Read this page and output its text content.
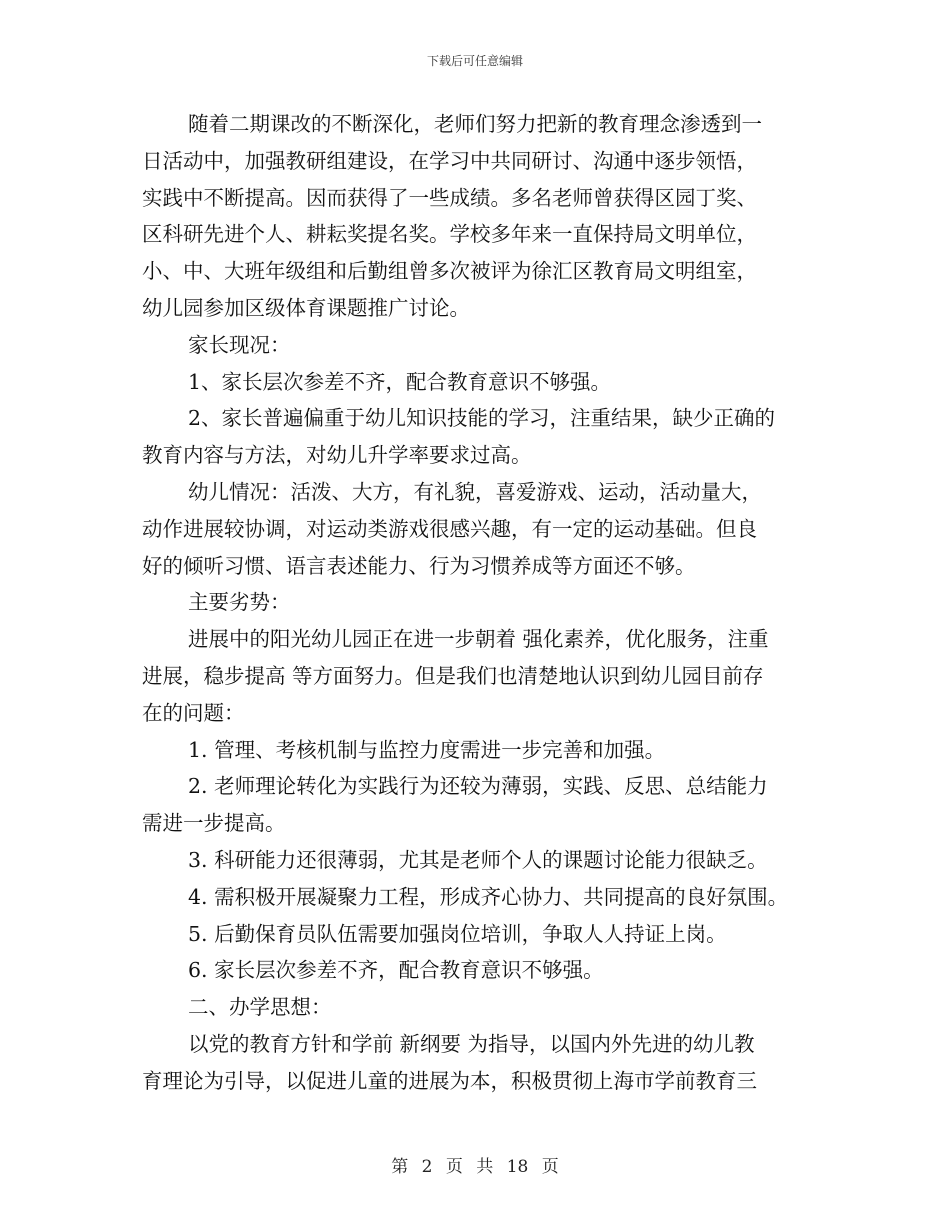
下载后可任意编辑
随着二期课改的不断深化，老师们努力把新的教育理念渗透到一
日活动中，加强教研组建设，在学习中共同研讨、沟通中逐步领悟，
实践中不断提高。因而获得了一些成绩。多名老师曾获得区园丁奖、
区科研先进个人、耕耘奖提名奖。学校多年来一直保持局文明单位，
小、中、大班年级组和后勤组曾多次被评为徐汇区教育局文明组室，
幼儿园参加区级体育课题推广讨论。
家长现况：
1、家长层次参差不齐，配合教育意识不够强。
2、家长普遍偏重于幼儿知识技能的学习，注重结果，缺少正确的
教育内容与方法，对幼儿升学率要求过高。
幼儿情况：活泼、大方，有礼貌，喜爱游戏、运动，活动量大，
动作进展较协调，对运动类游戏很感兴趣，有一定的运动基础。但良
好的倾听习惯、语言表述能力、行为习惯养成等方面还不够。
主要劣势：
进展中的阳光幼儿园正在进一步朝着 强化素养，优化服务，注重
进展，稳步提高 等方面努力。但是我们也清楚地认识到幼儿园目前存
在的问题：
1. 管理、考核机制与监控力度需进一步完善和加强。
2. 老师理论转化为实践行为还较为薄弱，实践、反思、总结能力
需进一步提高。
3. 科研能力还很薄弱，尤其是老师个人的课题讨论能力很缺乏。
4. 需积极开展凝聚力工程，形成齐心协力、共同提高的良好氛围。
5. 后勤保育员队伍需要加强岗位培训，争取人人持证上岗。
6. 家长层次参差不齐，配合教育意识不够强。
二、办学思想：
以党的教育方针和学前 新纲要 为指导，以国内外先进的幼儿教
育理论为引导，以促进儿童的进展为本，积极贯彻上海市学前教育三
第 2 页 共 18 页
